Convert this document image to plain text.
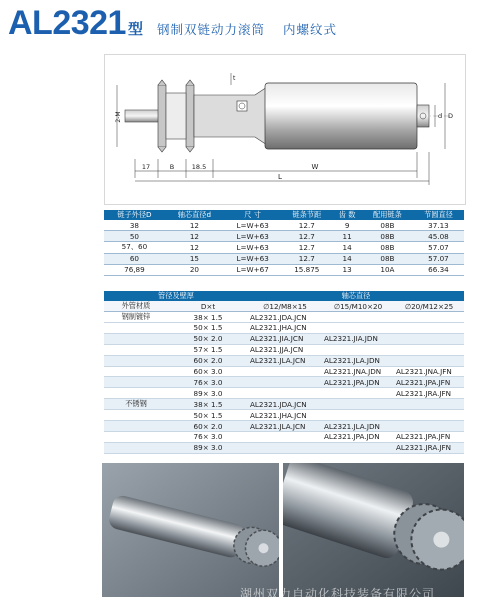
AL2321 型 钢制双链动力滚筒 内螺纹式
2-M
17	B	18.5	W
L
t
d D
链子外径D	轴芯直径d	尺 寸	链条节距	齿 数	配用链条	节圆直径
38	12	L=W+63	12.7	9	08B	37.13
50	12	L=W+63	12.7	11	08B	45.08
57、60	12	L=W+63	12.7	14	08B	57.07
60	15	L=W+63	12.7	14	08B	57.07
76,89	20	L=W+67	15.875	13	10A	66.34
管径及壁厚		轴芯直径		
外管材质	D×t	∅12/M8×15	∅15/M10×20	∅20/M12×25
钢制镀锌	38× 1.5	AL2321.JDA.JCN		
	50× 1.5	AL2321.JHA.JCN		
	50× 2.0	AL2321.JIA.JCN	AL2321.JIA.JDN	
	57× 1.5	AL2321.JJA.JCN		
	60× 2.0	AL2321.JLA.JCN	AL2321.JLA.JDN	
	60× 3.0		AL2321.JNA.JDN	AL2321.JNA.JFN
	76× 3.0		AL2321.JPA.JDN	AL2321.JPA.JFN
	89× 3.0			AL2321.JRA.JFN
不锈钢	38× 1.5	AL2321.JDA.JCN		
	50× 1.5	AL2321.JHA.JCN		
	60× 2.0	AL2321.JLA.JCN	AL2321.JLA.JDN	
	76× 3.0		AL2321.JPA.JDN	AL2321.JPA.JFN
	89× 3.0			AL2321.JRA.JFN
湖州双力自动化科技装备有限公司
